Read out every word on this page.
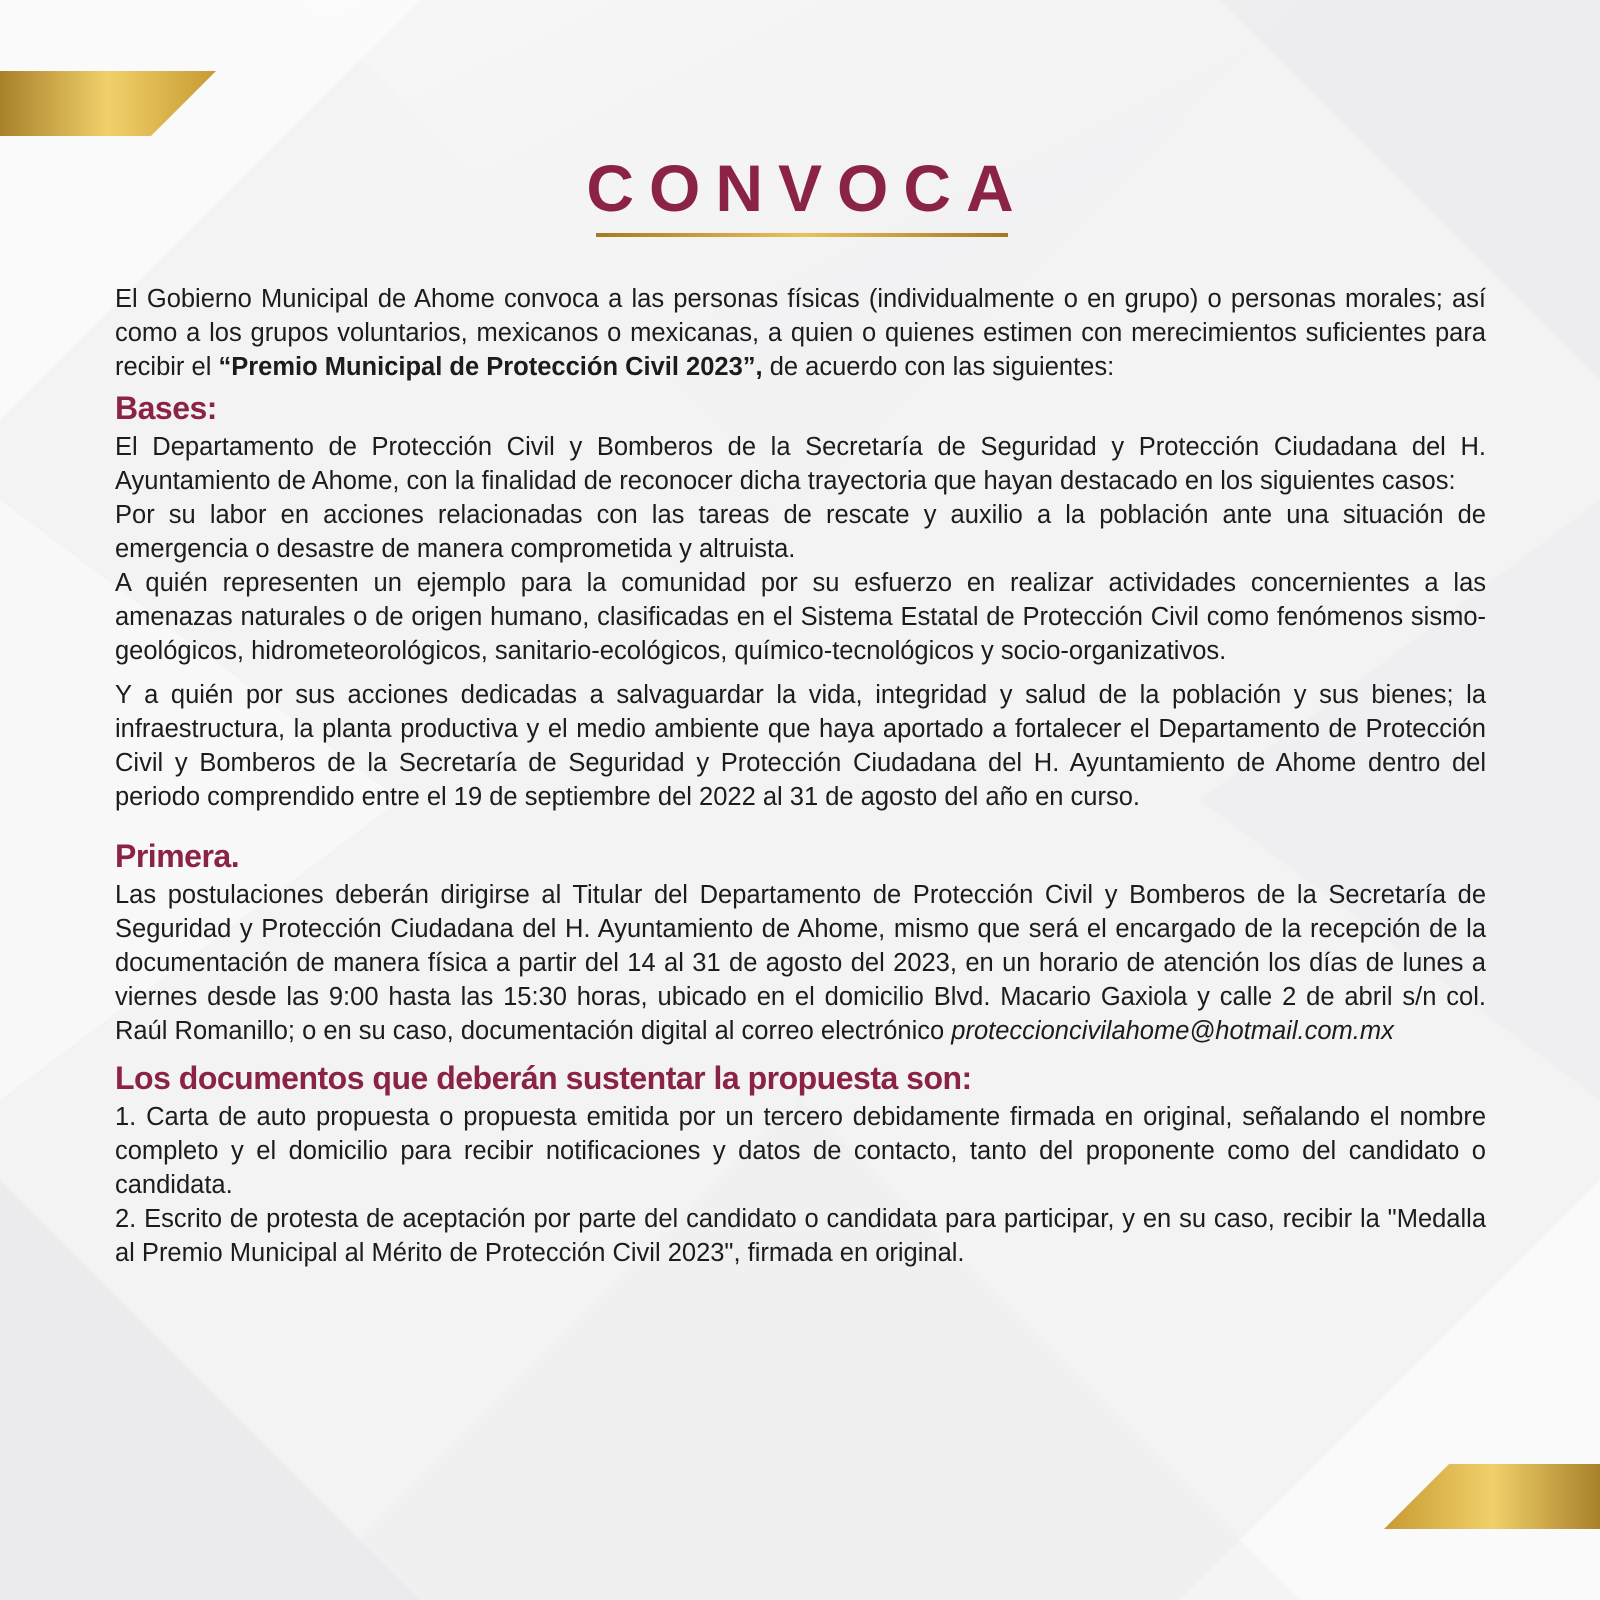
CONVOCA

El Gobierno Municipal de Ahome convoca a las personas físicas (individualmente o en grupo) o personas morales; así como a los grupos voluntarios, mexicanos o mexicanas, a quien o quienes estimen con merecimientos suficientes para recibir el “Premio Municipal de Protección Civil 2023”, de acuerdo con las siguientes:

Bases:

El Departamento de Protección Civil y Bomberos de la Secretaría de Seguridad y Protección Ciudadana del H. Ayuntamiento de Ahome, con la finalidad de reconocer dicha trayectoria que hayan destacado en los siguientes casos:

Por su labor en acciones relacionadas con las tareas de rescate y auxilio a la población ante una situación de emergencia o desastre de manera comprometida y altruista.

A quién representen un ejemplo para la comunidad por su esfuerzo en realizar actividades concernientes a las amenazas naturales o de origen humano, clasificadas en el Sistema Estatal de Protección Civil como fenómenos sismo-geológicos, hidrometeorológicos, sanitario-ecológicos, químico-tecnológicos y socio-organizativos.

Y a quién por sus acciones dedicadas a salvaguardar la vida, integridad y salud de la población y sus bienes; la infraestructura, la planta productiva y el medio ambiente que haya aportado a fortalecer el Departamento de Protección Civil y Bomberos de la Secretaría de Seguridad y Protección Ciudadana del H. Ayuntamiento de Ahome dentro del periodo comprendido entre el 19 de septiembre del 2022 al 31 de agosto del año en curso.

Primera.

Las postulaciones deberán dirigirse al Titular del Departamento de Protección Civil y Bomberos de la Secretaría de Seguridad y Protección Ciudadana del H. Ayuntamiento de Ahome, mismo que será el encargado de la recepción de la documentación de manera física a partir del 14 al 31 de agosto del 2023, en un horario de atención los días de lunes a viernes desde las 9:00 hasta las 15:30 horas, ubicado en el domicilio Blvd. Macario Gaxiola y calle 2 de abril s/n col. Raúl Romanillo; o en su caso, documentación digital al correo electrónico proteccioncivilahome@hotmail.com.mx

Los documentos que deberán sustentar la propuesta son:

1. Carta de auto propuesta o propuesta emitida por un tercero debidamente firmada en original, señalando el nombre completo y el domicilio para recibir notificaciones y datos de contacto, tanto del proponente como del candidato o candidata.

2. Escrito de protesta de aceptación por parte del candidato o candidata para participar, y en su caso, recibir la "Medalla al Premio Municipal al Mérito de Protección Civil 2023", firmada en original.
